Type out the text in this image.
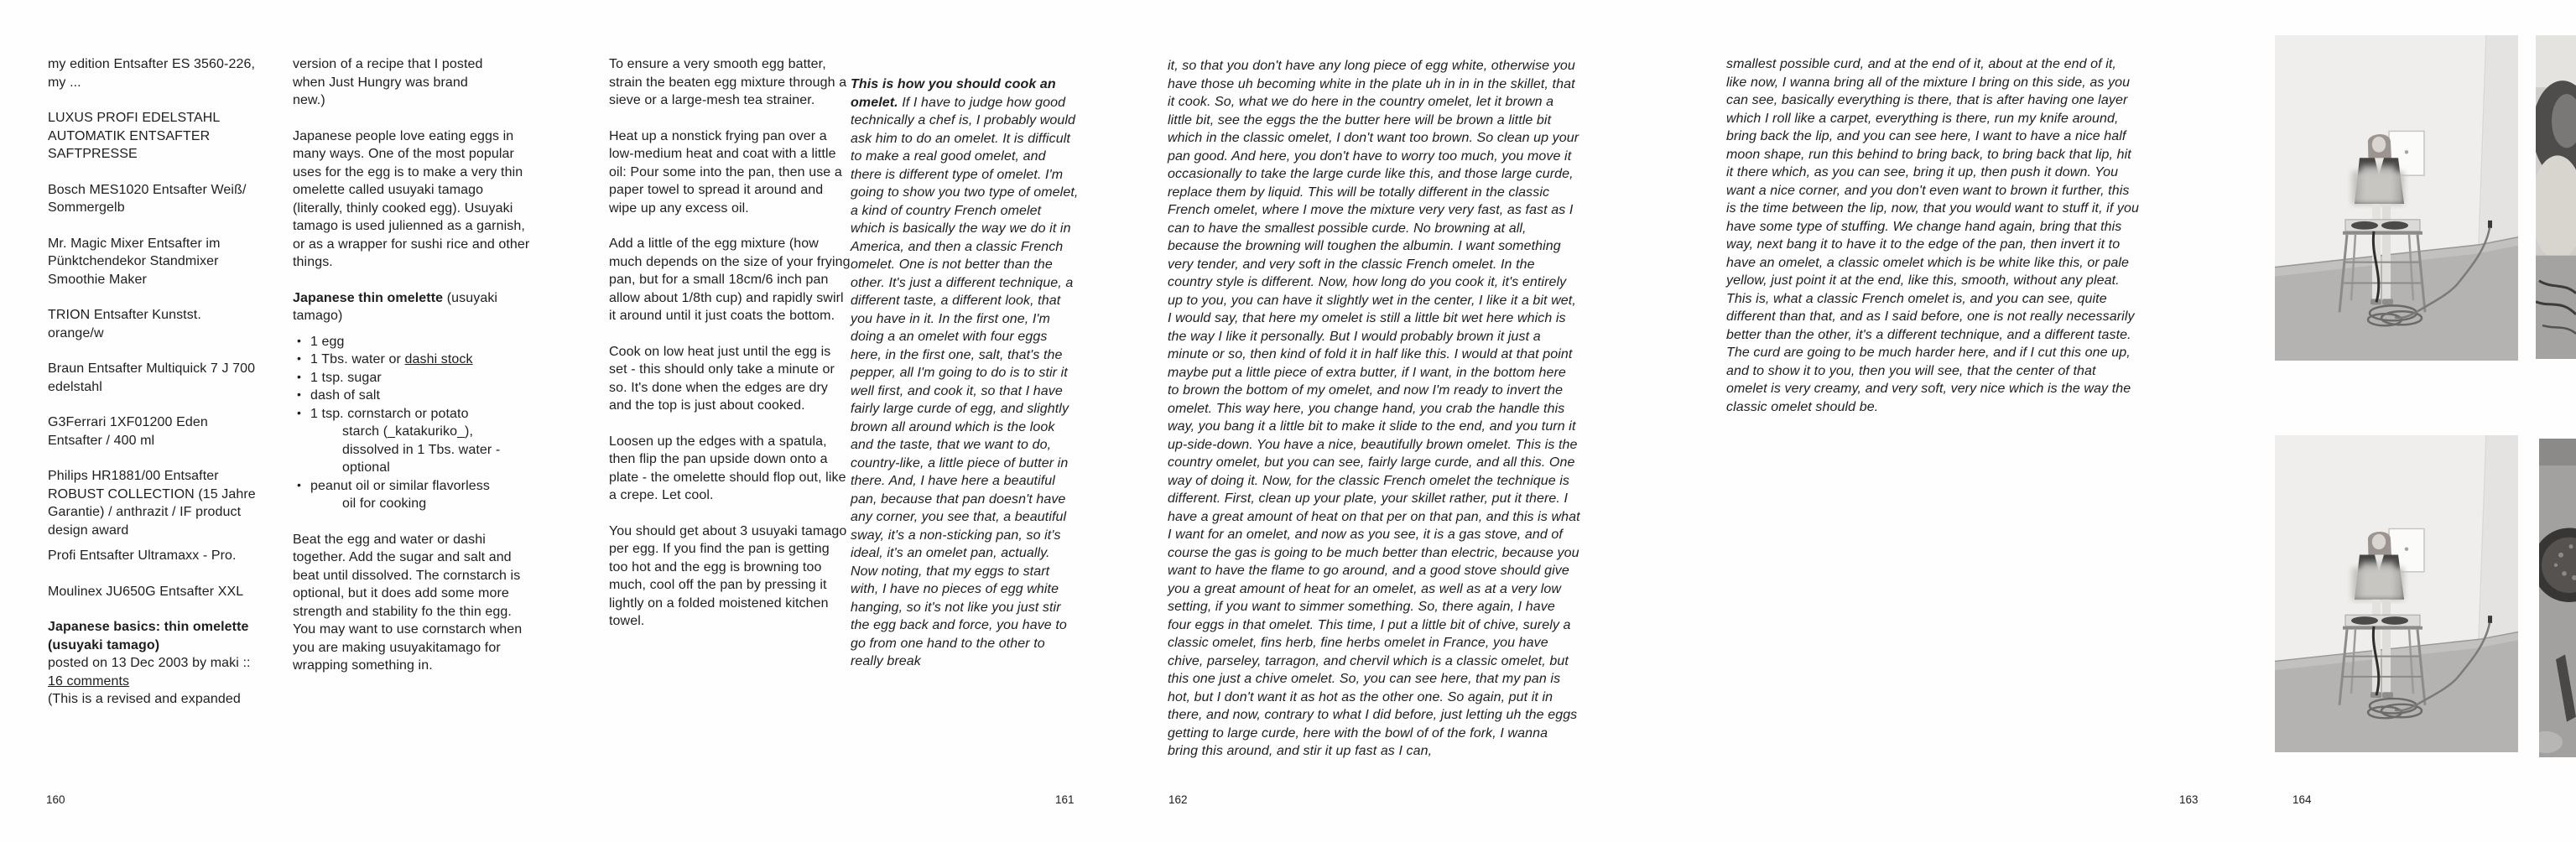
my edition Entsafter ES 3560-226,
my ...
LUXUS PROFI EDELSTAHL
AUTOMATIK ENTSAFTER
SAFTPRESSE
Bosch MES1020 Entsafter Weiß/
Sommergelb
Mr. Magic Mixer Entsafter im
Pünktchendekor Standmixer
Smoothie Maker
TRION Entsafter Kunstst.
orange/w
Braun Entsafter Multiquick 7 J 700
edelstahl
G3Ferrari 1XF01200 Eden
Entsafter / 400 ml
Philips HR1881/00 Entsafter
ROBUST COLLECTION (15 Jahre
Garantie) / anthrazit / IF product
design award
Profi Entsafter Ultramaxx - Pro.
Moulinex JU650G Entsafter XXL
Japanese basics: thin omelette
(usuyaki tamago)
posted on 13 Dec 2003 by maki ::
16 comments
(This is a revised and expanded
version of a recipe that I posted
when Just Hungry was brand
new.)
Japanese people love eating eggs in many ways. One of the most popular uses for the egg is to make a very thin omelette called usuyaki tamago (literally, thinly cooked egg). Usuyaki tamago is used julienned as a garnish, or as a wrapper for sushi rice and other things.
Japanese thin omelette (usuyaki tamago)
• 1 egg
• 1 Tbs. water or dashi stock
• 1 tsp. sugar
• dash of salt
• 1 tsp. cornstarch or potato
starch (_katakuriko_), dissolved in 1 Tbs. water - optional
• peanut oil or similar flavorless
oil for cooking
Beat the egg and water or dashi together. Add the sugar and salt and beat until dissolved. The cornstarch is optional, but it does add some more strength and stability fo the thin egg. You may want to use cornstarch when you are making usuyakitamago for wrapping something in.
To ensure a very smooth egg batter, strain the beaten egg mixture through a sieve or a large-mesh tea strainer.
Heat up a nonstick frying pan over a low-medium heat and coat with a little oil: Pour some into the pan, then use a paper towel to spread it around and wipe up any excess oil.
Add a little of the egg mixture (how much depends on the size of your frying pan, but for a small 18cm/6 inch pan allow about 1/8th cup) and rapidly swirl it around until it just coats the bottom.
Cook on low heat just until the egg is set - this should only take a minute or so. It's done when the edges are dry and the top is just about cooked.
Loosen up the edges with a spatula, then flip the pan upside down onto a plate - the omelette should flop out, like a crepe. Let cool.
You should get about 3 usuyaki tamago per egg. If you find the pan is getting too hot and the egg is browning too much, cool off the pan by pressing it lightly on a folded moistened kitchen towel.
This is how you should cook an omelet. If I have to judge how good technically a chef is, I probably would ask him to do an omelet. It is difficult to make a real good omelet, and there is different type of omelet. I'm going to show you two type of omelet, a kind of country French omelet which is basically the way we do it in America, and then a classic French omelet. One is not better than the other. It's just a different technique, a different taste, a different look, that you have in it. In the first one, I'm doing a an omelet with four eggs here, in the first one, salt, that's the pepper, all I'm going to do is to stir it well first, and cook it, so that I have fairly large curde of egg, and slightly brown all around which is the look and the taste, that we want to do, country-like, a little piece of butter in there. And, I have here a beautiful pan, because that pan doesn't have any corner, you see that, a beautiful sway, it's a non-sticking pan, so it's ideal, it's an omelet pan, actually. Now noting, that my eggs to start with, I have no pieces of egg white hanging, so it's not like you just stir the egg back and force, you have to go from one hand to the other to really break
160	161
it, so that you don't have any long piece of egg white, otherwise you have those uh becoming white in the plate uh in in in the skillet, that it cook. So, what we do here in the country omelet, let it brown a little bit, see the eggs the the butter here will be brown a little bit which in the classic omelet, I don't want too brown. So clean up your pan good. And here, you don't have to worry too much, you move it occasionally to take the large curde like this, and those large curde, replace them by liquid. This will be totally different in the classic French omelet, where I move the mixture very very fast, as fast as I can to have the smallest possible curde. No browning at all, because the browning will toughen the albumin. I want something very tender, and very soft in the classic French omelet. In the country style is different. Now, how long do you cook it, it's entirely up to you, you can have it slightly wet in the center, I like it a bit wet, I would say, that here my omelet is still a little bit wet here which is the way I like it personally. But I would probably brown it just a minute or so, then kind of fold it in half like this. I would at that point maybe put a little piece of extra butter, if I want, in the bottom here to brown the bottom of my omelet, and now I'm ready to invert the omelet. This way here, you change hand, you crab the handle this way, you bang it a little bit to make it slide to the end, and you turn it up-side-down. You have a nice, beautifully brown omelet. This is the country omelet, but you can see, fairly large curde, and all this. One way of doing it. Now, for the classic French omelet the technique is different. First, clean up your plate, your skillet rather, put it there. I have a great amount of heat on that per on that pan, and this is what I want for an omelet, and now as you see, it is a gas stove, and of course the gas is going to be much better than electric, because you want to have the flame to go around, and a good stove should give you a great amount of heat for an omelet, as well as at a very low setting, if you want to simmer something. So, there again, I have four eggs in that omelet. This time, I put a little bit of chive, surely a classic omelet, fins herb, fine herbs omelet in France, you have chive, parseley, tarragon, and chervil which is a classic omelet, but this one just a chive omelet. So, you can see here, that my pan is hot, but I don't want it as hot as the other one. So again, put it in there, and now, contrary to what I did before, just letting uh the eggs getting to large curde, here with the bowl of of the fork, I wanna bring this around, and stir it up fast as I can,
smallest possible curd, and at the end of it, about at the end of it, like now, I wanna bring all of the mixture I bring on this side, as you can see, basically everything is there, that is after having one layer which I roll like a carpet, everything is there, run my knife around, bring back the lip, and you can see here, I want to have a nice half moon shape, run this behind to bring back, to bring back that lip, hit it there which, as you can see, bring it up, then push it down. You want a nice corner, and you don't even want to brown it further, this is the time between the lip, now, that you would want to stuff it, if you have some type of stuffing. We change hand again, bring that this way, next bang it to have it to the edge of the pan, then invert it to have an omelet, a classic omelet which is be white like this, or pale yellow, just point it at the end, like this, smooth, without any pleat. This is, what a classic French omelet is, and you can see, quite different than that, and as I said before, one is not really necessarily better than the other, it's a different technique, and a different taste. The curd are going to be much harder here, and if I cut this one up, and to show it to you, then you will see, that the center of that omelet is very creamy, and very soft, very nice which is the way the classic omelet should be.
162	163	164
